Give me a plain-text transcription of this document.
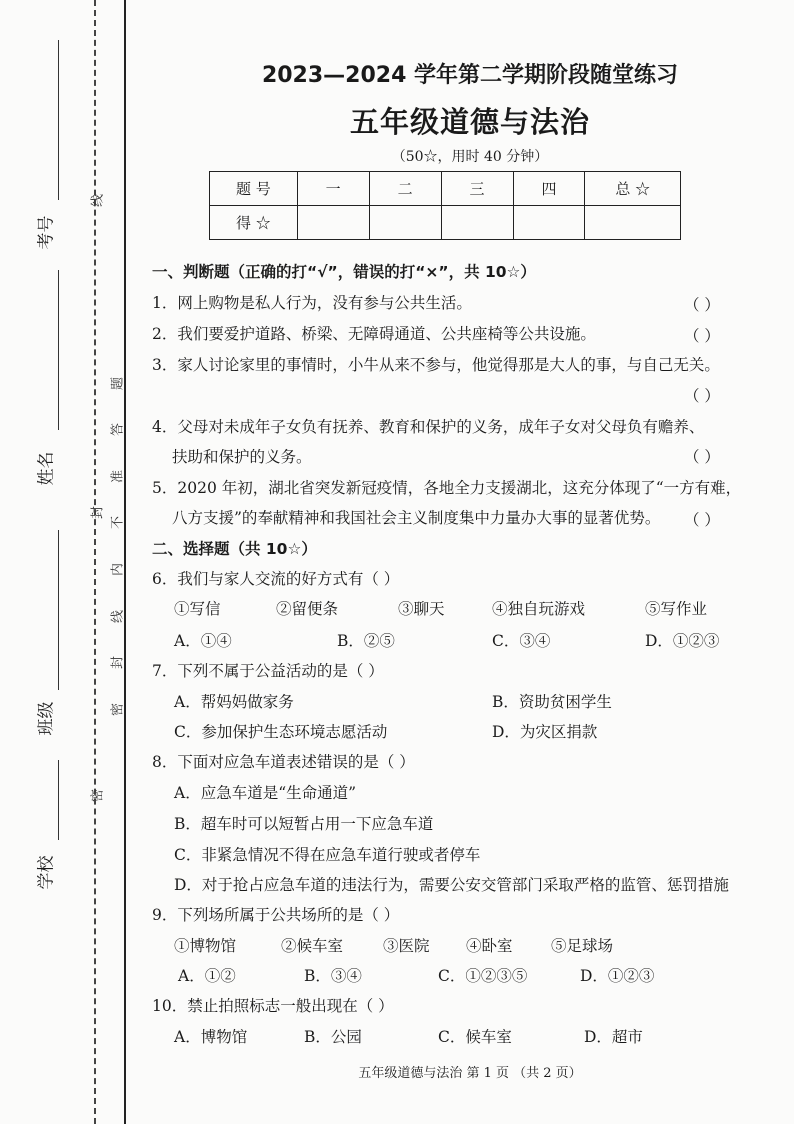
考号
姓名
班级
学校
线
封
密
题
答
准
不
内
线
封
密
2023—2024 学年第二学期阶段随堂练习
五年级道德与法治
（50☆，用时 40 分钟）
题 号	一	二	三	四	总 ☆
得 ☆					
一、判断题（正确的打“√”，错误的打“×”，共 10☆）
1．网上购物是私人行为，没有参与公共生活。	（ ）
2．我们要爱护道路、桥梁、无障碍通道、公共座椅等公共设施。	（ ）
3．家人讨论家里的事情时，小牛从来不参与，他觉得那是大人的事，与自己无关。
（ ）
4．父母对未成年子女负有抚养、教育和保护的义务，成年子女对父母负有赡养、
扶助和保护的义务。	（ ）
5．2020 年初，湖北省突发新冠疫情，各地全力支援湖北，这充分体现了“一方有难，
八方支援”的奉献精神和我国社会主义制度集中力量办大事的显著优势。 （ ）
二、选择题（共 10☆）
6．我们与家人交流的好方式有（ ）
①写信	②留便条	③聊天	④独自玩游戏	⑤写作业
A．①④	B．②⑤	C．③④	D．①②③
7．下列不属于公益活动的是（ ）
A．帮妈妈做家务	B．资助贫困学生
C．参加保护生态环境志愿活动	D．为灾区捐款
8．下面对应急车道表述错误的是（ ）
A．应急车道是“生命通道”
B．超车时可以短暂占用一下应急车道
C．非紧急情况不得在应急车道行驶或者停车
D．对于抢占应急车道的违法行为，需要公安交管部门采取严格的监管、惩罚措施
9．下列场所属于公共场所的是（ ）
①博物馆	②候车室	③医院 ④卧室 ⑤足球场
A．①②	B．③④	C．①②③⑤	D．①②③
10．禁止拍照标志一般出现在（ ）
A．博物馆	B．公园	C．候车室	D．超市
五年级道德与法治 第 1 页 （共 2 页）
